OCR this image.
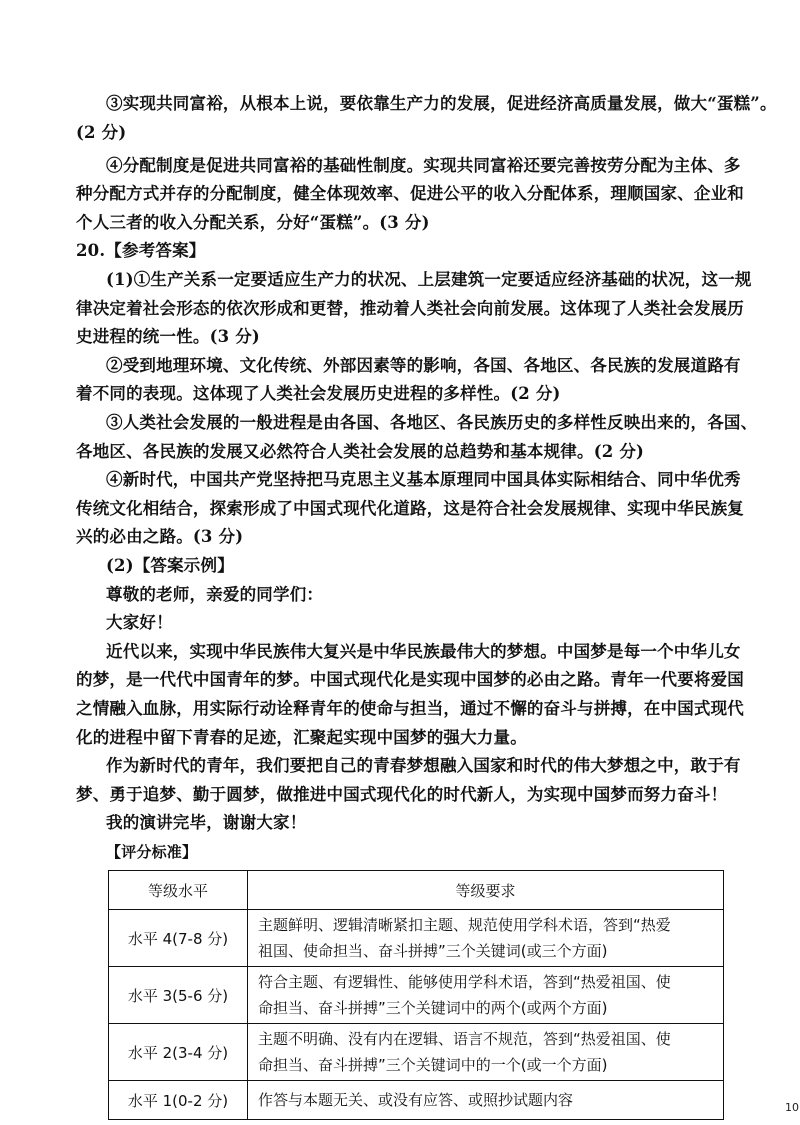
③实现共同富裕，从根本上说，要依靠生产力的发展，促进经济高质量发展，做大“蛋糕”。
(2 分)
④分配制度是促进共同富裕的基础性制度。实现共同富裕还要完善按劳分配为主体、多
种分配方式并存的分配制度，健全体现效率、促进公平的收入分配体系，理顺国家、企业和
个人三者的收入分配关系，分好“蛋糕”。(3 分)
20.【参考答案】
(1)①生产关系一定要适应生产力的状况、上层建筑一定要适应经济基础的状况，这一规
律决定着社会形态的依次形成和更替，推动着人类社会向前发展。这体现了人类社会发展历
史进程的统一性。(3 分)
②受到地理环境、文化传统、外部因素等的影响，各国、各地区、各民族的发展道路有
着不同的表现。这体现了人类社会发展历史进程的多样性。(2 分)
③人类社会发展的一般进程是由各国、各地区、各民族历史的多样性反映出来的，各国、
各地区、各民族的发展又必然符合人类社会发展的总趋势和基本规律。(2 分)
④新时代，中国共产党坚持把马克思主义基本原理同中国具体实际相结合、同中华优秀
传统文化相结合，探索形成了中国式现代化道路，这是符合社会发展规律、实现中华民族复
兴的必由之路。(3 分)
(2)【答案示例】
尊敬的老师，亲爱的同学们：
大家好！
近代以来，实现中华民族伟大复兴是中华民族最伟大的梦想。中国梦是每一个中华儿女
的梦，是一代代中国青年的梦。中国式现代化是实现中国梦的必由之路。青年一代要将爱国
之情融入血脉，用实际行动诠释青年的使命与担当，通过不懈的奋斗与拼搏，在中国式现代
化的进程中留下青春的足迹，汇聚起实现中国梦的强大力量。
作为新时代的青年，我们要把自己的青春梦想融入国家和时代的伟大梦想之中，敢于有
梦、勇于追梦、勤于圆梦，做推进中国式现代化的时代新人，为实现中国梦而努力奋斗！
我的演讲完毕，谢谢大家！
【评分标准】
等级水平	等级要求
水平 4(7-8 分)	主题鲜明、逻辑清晰紧扣主题、规范使用学科术语，答到“热爱
祖国、使命担当、奋斗拼搏”三个关键词(或三个方面)

水平 3(5-6 分)	符合主题、有逻辑性、能够使用学科术语，答到“热爱祖国、使
命担当、奋斗拼搏”三个关键词中的两个(或两个方面)

水平 2(3-4 分)	主题不明确、没有内在逻辑、语言不规范，答到“热爱祖国、使
命担当、奋斗拼搏”三个关键词中的一个(或一个方面)

水平 1(0-2 分)	作答与本题无关、或没有应答、或照抄试题内容	10
